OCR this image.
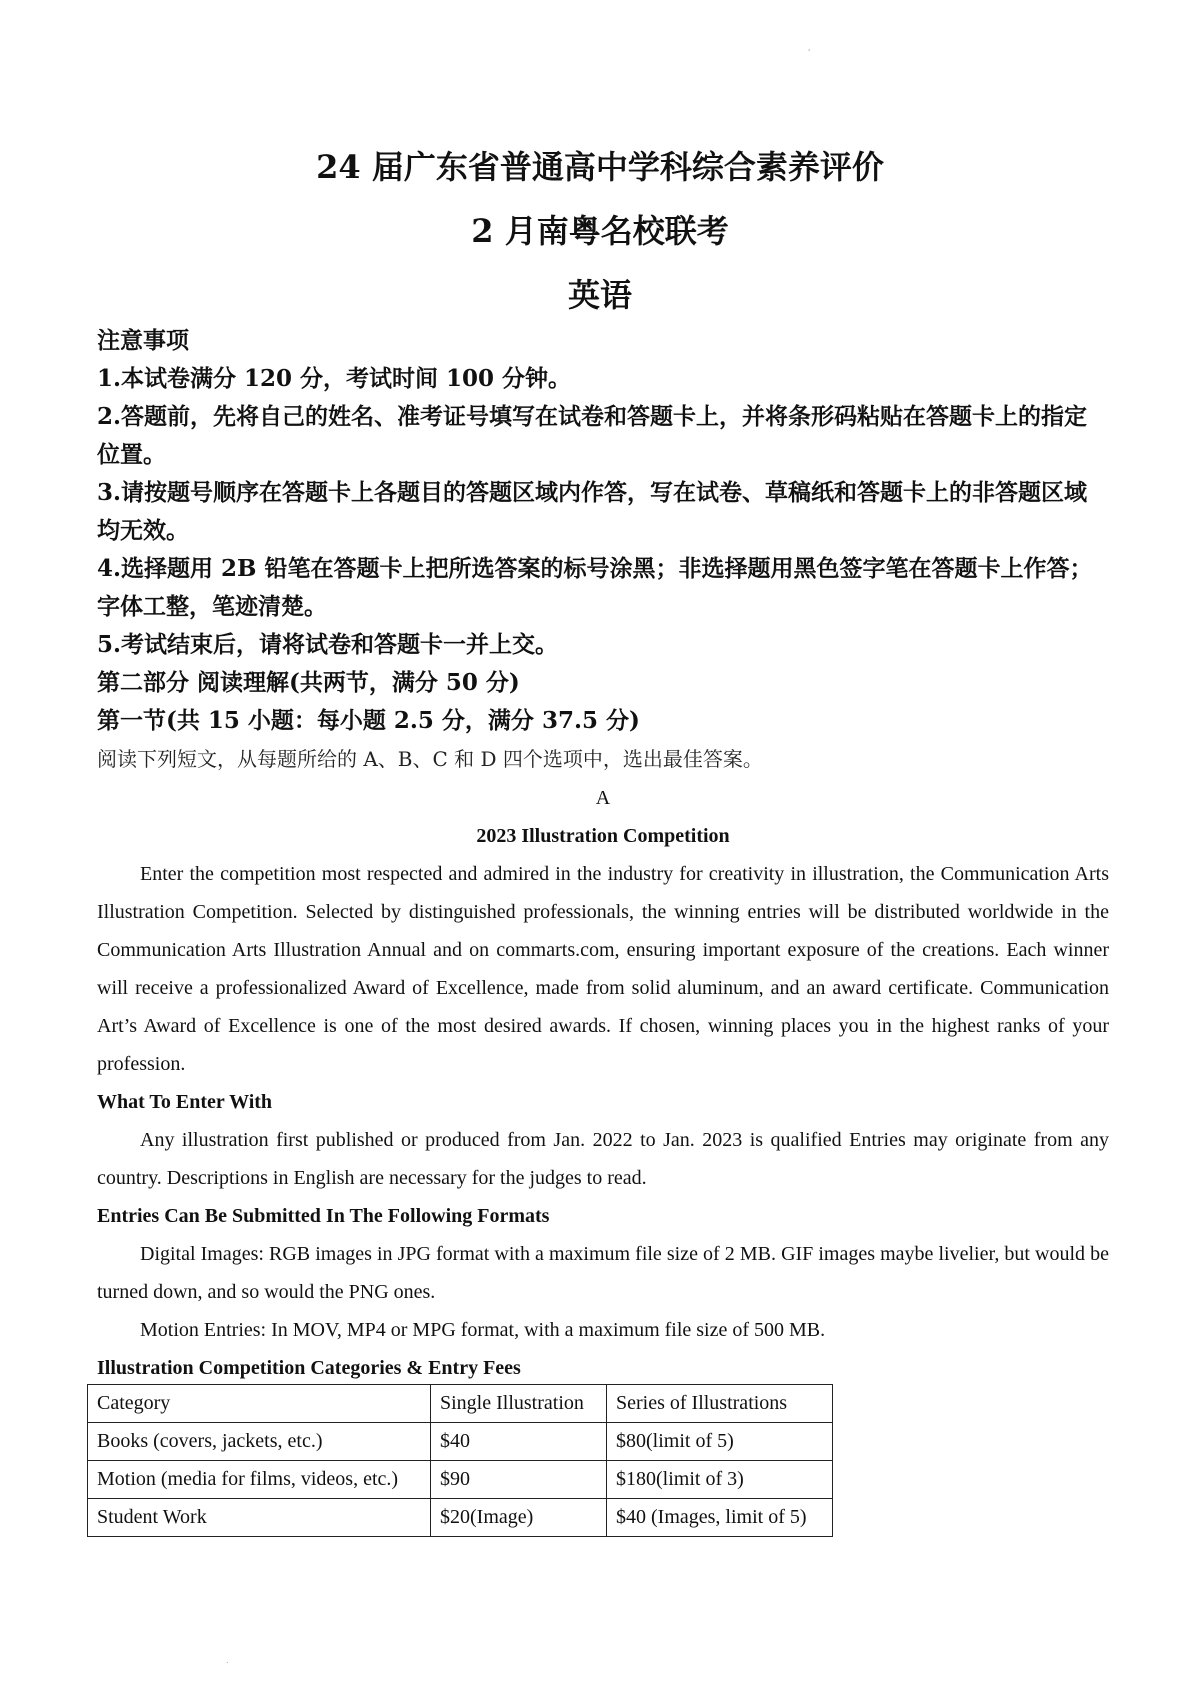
'
24 届广东省普通高中学科综合素养评价
2 月南粤名校联考
英语
注意事项
1.本试卷满分 120 分，考试时间 100 分钟。
2.答题前，先将自己的姓名、准考证号填写在试卷和答题卡上，并将条形码粘贴在答题卡上的指定位置。
3.请按题号顺序在答题卡上各题目的答题区域内作答，写在试卷、草稿纸和答题卡上的非答题区域均无效。
4.选择题用 2B 铅笔在答题卡上把所选答案的标号涂黑；非选择题用黑色签字笔在答题卡上作答；字体工整，笔迹清楚。
5.考试结束后，请将试卷和答题卡一并上交。
第二部分 阅读理解(共两节，满分 50 分)
第一节(共 15 小题：每小题 2.5 分，满分 37.5 分)
阅读下列短文，从每题所给的 A、B、C 和 D 四个选项中，选出最佳答案。
A
2023 Illustration Competition

Enter the competition most respected and admired in the industry for creativity in illustration, the Communication Arts Illustration Competition. Selected by distinguished professionals, the winning entries will be distributed worldwide in the Communication Arts Illustration Annual and on commarts.com, ensuring important exposure of the creations. Each winner will receive a professionalized Award of Excellence, made from solid aluminum, and an award certificate. Communication Art’s Award of Excellence is one of the most desired awards. If chosen, winning places you in the highest ranks of your profession.

What To Enter With

Any illustration first published or produced from Jan. 2022 to Jan. 2023 is qualified Entries may originate from any country. Descriptions in English are necessary for the judges to read.

Entries Can Be Submitted In The Following Formats

Digital Images: RGB images in JPG format with a maximum file size of 2 MB. GIF images maybe livelier, but would be turned down, and so would the PNG ones.

Motion Entries: In MOV, MP4 or MPG format, with a maximum file size of 500 MB.

Illustration Competition Categories & Entry Fees
Category	Single Illustration	Series of Illustrations
Books (covers, jackets, etc.)	$40	$80(limit of 5)
Motion (media for films, videos, etc.)	$90	$180(limit of 3)
Student Work	$20(Image)	$40 (Images, limit of 5)
.
